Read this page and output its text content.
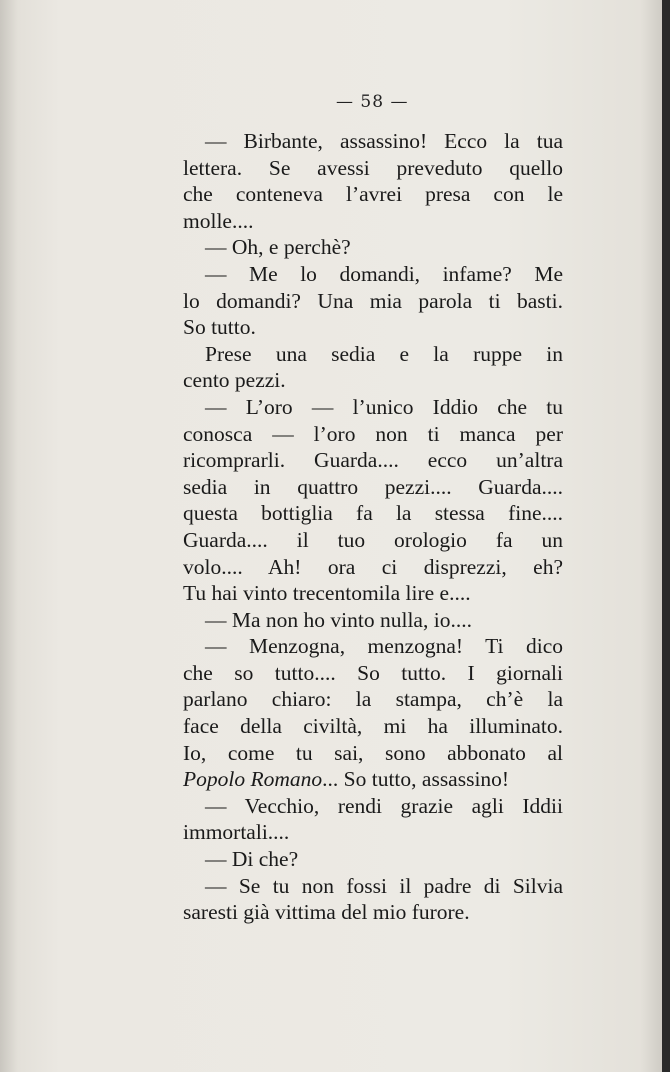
— 58 —
— Birbante, assassino! Ecco la tua
lettera. Se avessi preveduto quello
che conteneva l’avrei presa con le
molle....
— Oh, e perchè?
— Me lo domandi, infame? Me
lo domandi? Una mia parola ti basti.
So tutto.
Prese una sedia e la ruppe in
cento pezzi.
— L’oro — l’unico Iddio che tu
conosca — l’oro non ti manca per
ricomprarli. Guarda.... ecco un’altra
sedia in quattro pezzi.... Guarda....
questa bottiglia fa la stessa fine....
Guarda.... il tuo orologio fa un
volo.... Ah! ora ci disprezzi, eh?
Tu hai vinto trecentomila lire e....
— Ma non ho vinto nulla, io....
— Menzogna, menzogna! Ti dico
che so tutto.... So tutto. I giornali
parlano chiaro: la stampa, ch’è la
face della civiltà, mi ha illuminato.
Io, come tu sai, sono abbonato al
Popolo Romano... So tutto, assassino!
— Vecchio, rendi grazie agli Iddii
immortali....
— Di che?
— Se tu non fossi il padre di Silvia
saresti già vittima del mio furore.
